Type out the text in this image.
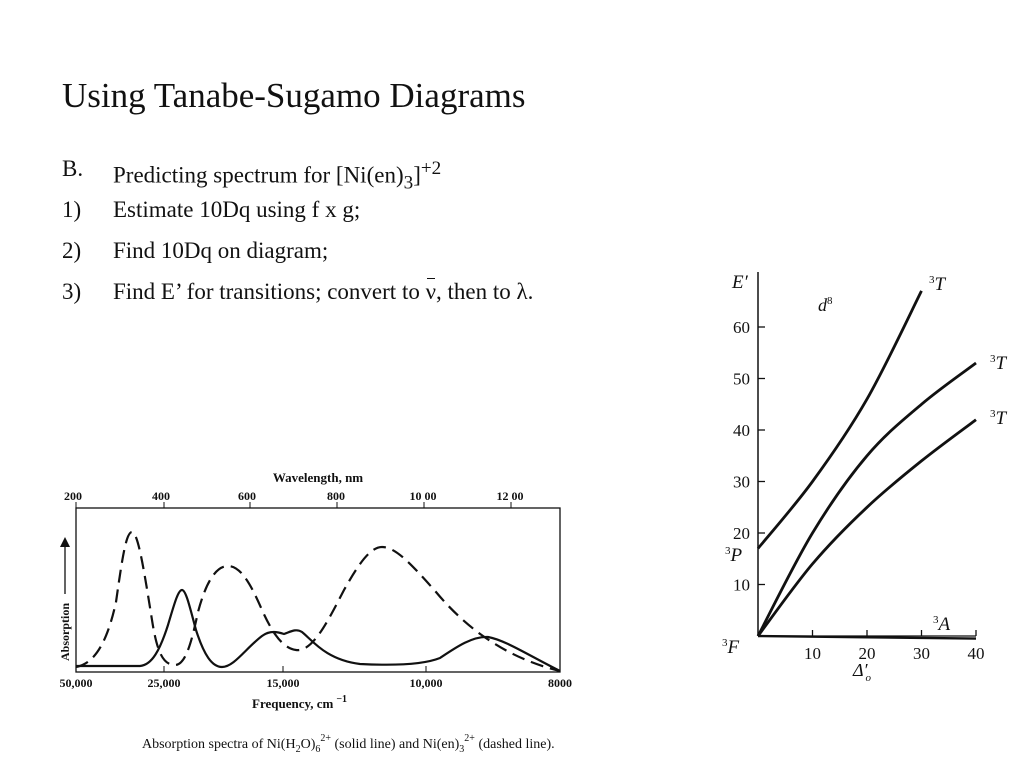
Using Tanabe-Sugamo Diagrams
B. Predicting spectrum for $[Ni(en)_3]^{+2}$
1) Estimate 10Dq using f x g;
2) Find 10Dq on diagram;
3) Find E’ for transitions; convert to ν, then to λ.
Wavelength, nm
200	400	600	800	10 00	12 00
50,000	25,000	15,000	10,000	8000
Frequency, cm $^{-1}$
Absorption
Absorption spectra of $Ni(H_2O)_6^{2+}$ (solid line) and $Ni(en)_3^{2+}$ (dashed line).
E′
$d^8$
10
20
30
40
50
60
10 20 30 40
Δ′o
$^3$T
$^3$T
$^3$T
$^3$A
$^3$P
$^3$F
